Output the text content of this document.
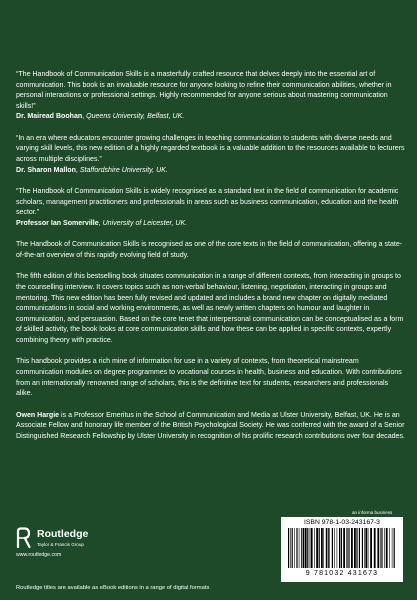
“The Handbook of Communication Skills is a masterfully crafted resource that delves deeply into the essential art of communication. This book is an invaluable resource for anyone looking to refine their communication abilities, whether in personal interactions or professional settings. Highly recommended for anyone serious about mastering communication skills!”

Dr. Mairead Boohan, Queens University, Belfast, UK.

“In an era where educators encounter growing challenges in teaching communication to students with diverse needs and varying skill levels, this new edition of a highly regarded textbook is a valuable addition to the resources available to lecturers across multiple disciplines.”

Dr. Sharon Mallon, Staffordshire University, UK.

“The Handbook of Communication Skills is widely recognised as a standard text in the field of communication for academic scholars, management practitioners and professionals in areas such as business communication, education and the health sector.”

Professor Ian Somerville, University of Leicester, UK.

The Handbook of Communication Skills is recognised as one of the core texts in the field of communication, offering a state-of-the-art overview of this rapidly evolving field of study.

The fifth edition of this bestselling book situates communication in a range of different contexts, from interacting in groups to the counselling interview. It covers topics such as non-verbal behaviour, listening, negotiation, interacting in groups and mentoring. This new edition has been fully revised and updated and includes a brand new chapter on digitally mediated communications in social and working environments, as well as newly written chapters on humour and laughter in communication, and persuasion. Based on the core tenet that interpersonal communication can be conceptualised as a form of skilled activity, the book looks at core communication skills and how these can be applied in specific contexts, expertly combining theory with practice.

This handbook provides a rich mine of information for use in a variety of contexts, from theoretical mainstream communication modules on degree programmes to vocational courses in health, business and education. With contributions from an internationally renowned range of scholars, this is the definitive text for students, researchers and professionals alike.

Owen Hargie is a Professor Emeritus in the School of Communication and Media at Ulster University, Belfast, UK. He is an Associate Fellow and honorary life member of the British Psychological Society. He was conferred with the award of a Senior Distinguished Research Fellowship by Ulster University in recognition of his prolific research contributions over four decades.

an informa business
Routledge
Taylor & Francis Group
www.routledge.com
ISBN 978-1-03-243167-3
9 781032 431673
Routledge titles are available as eBook editions in a range of digital formats
